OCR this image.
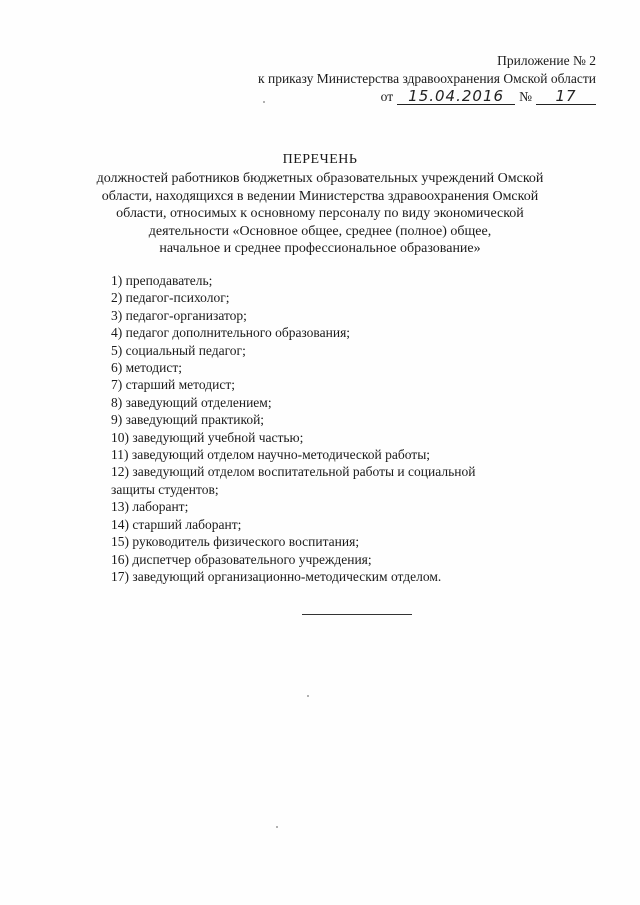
Приложение № 2
к приказу Министерства здравоохранения Омской области
от	15.04.2016	№	17
ПЕРЕЧЕНЬ
должностей работников бюджетных образовательных учреждений Омской
области, находящихся в ведении Министерства здравоохранения Омской
области, относимых к основному персоналу по виду экономической
деятельности «Основное общее, среднее (полное) общее,
начальное и среднее профессиональное образование»
1) преподаватель;
2) педагог-психолог;
3) педагог-организатор;
4) педагог дополнительного образования;
5) социальный педагог;
6) методист;
7) старший методист;
8) заведующий отделением;
9) заведующий практикой;
10) заведующий учебной частью;
11) заведующий отделом научно-методической работы;
12) заведующий отделом воспитательной работы и социальной
защиты студентов;
13) лаборант;
14) старший лаборант;
15) руководитель физического воспитания;
16) диспетчер образовательного учреждения;
17) заведующий организационно-методическим отделом.
